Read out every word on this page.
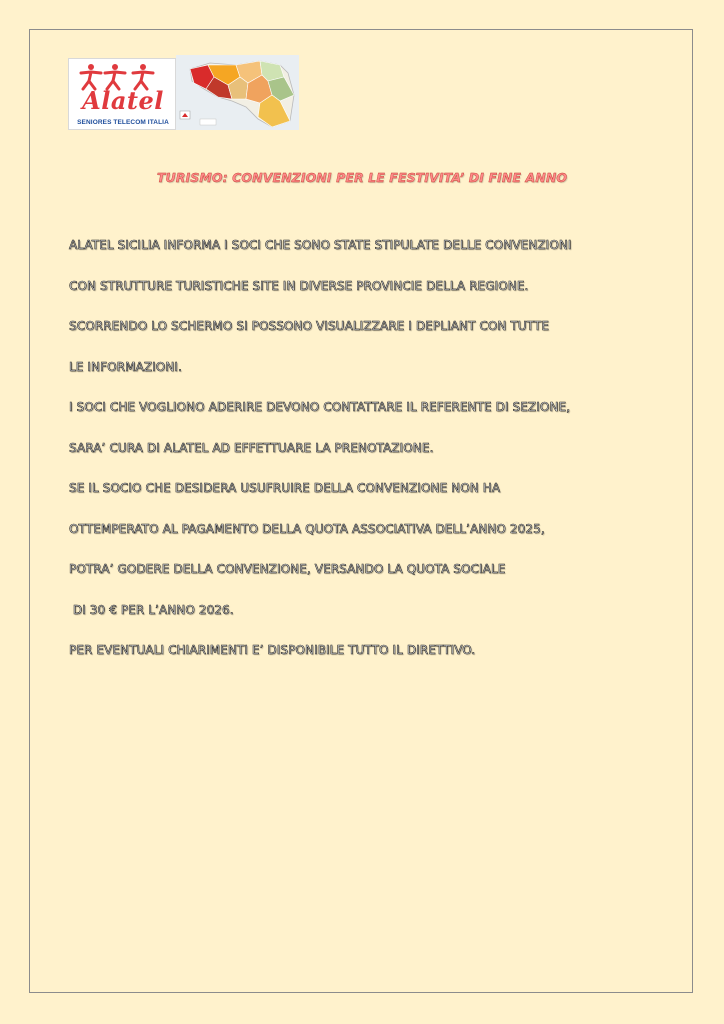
Alatel
SENIORES TELECOM ITALIA
TURISMO: CONVENZIONI PER LE FESTIVITA’ DI FINE ANNO
ALATEL SICILIA INFORMA I SOCI CHE SONO STATE STIPULATE DELLE CONVENZIONI
CON STRUTTURE TURISTICHE SITE IN DIVERSE PROVINCIE DELLA REGIONE.
SCORRENDO LO SCHERMO SI POSSONO VISUALIZZARE I DEPLIANT CON TUTTE
LE INFORMAZIONI.
I SOCI CHE VOGLIONO ADERIRE DEVONO CONTATTARE IL REFERENTE DI SEZIONE,
SARA’ CURA DI ALATEL AD EFFETTUARE LA PRENOTAZIONE.
SE IL SOCIO CHE DESIDERA USUFRUIRE DELLA CONVENZIONE NON HA
OTTEMPERATO AL PAGAMENTO DELLA QUOTA ASSOCIATIVA DELL’ANNO 2025,
POTRA’ GODERE DELLA CONVENZIONE, VERSANDO LA QUOTA SOCIALE
DI 30 € PER L’ANNO 2026.
PER EVENTUALI CHIARIMENTI E’ DISPONIBILE TUTTO IL DIRETTIVO.
